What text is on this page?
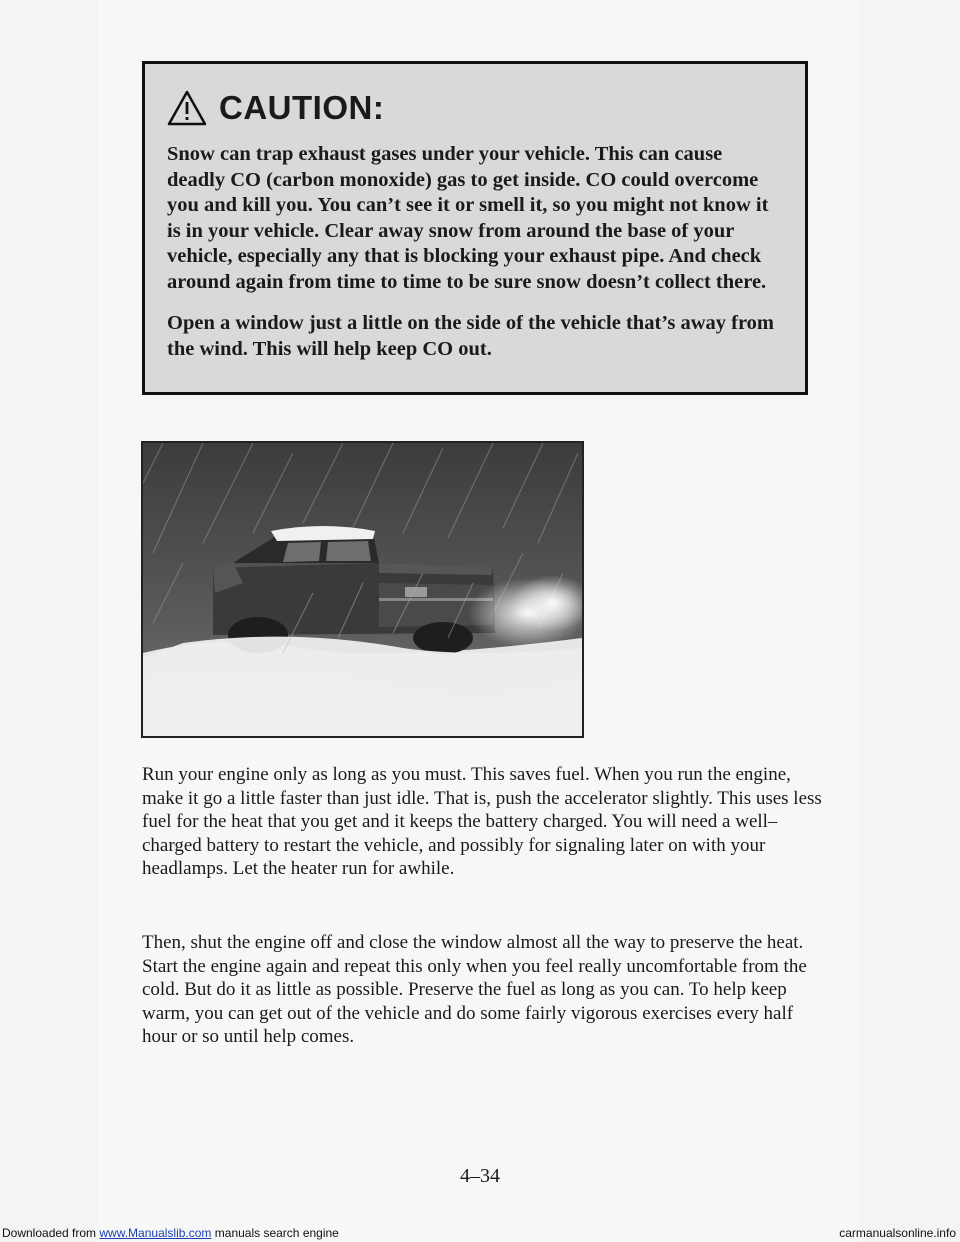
CAUTION:

Snow can trap exhaust gases under your vehicle. This can cause deadly CO (carbon monoxide) gas to get inside. CO could overcome you and kill you. You can’t see it or smell it, so you might not know it is in your vehicle. Clear away snow from around the base of your vehicle, especially any that is blocking your exhaust pipe. And check around again from time to time to be sure snow doesn’t collect there.

Open a window just a little on the side of the vehicle that’s away from the wind. This will help keep CO out.

Run your engine only as long as you must. This saves fuel. When you run the engine, make it go a little faster than just idle. That is, push the accelerator slightly. This uses less fuel for the heat that you get and it keeps the battery charged. You will need a well–charged battery to restart the vehicle, and possibly for signaling later on with your headlamps. Let the heater run for awhile.

Then, shut the engine off and close the window almost all the way to preserve the heat. Start the engine again and repeat this only when you feel really uncomfortable from the cold. But do it as little as possible. Preserve the fuel as long as you can. To help keep warm, you can get out of the vehicle and do some fairly vigorous exercises every half hour or so until help comes.

4–34
Downloaded from www.Manualslib.com manuals search engine	carmanualsonline.info
